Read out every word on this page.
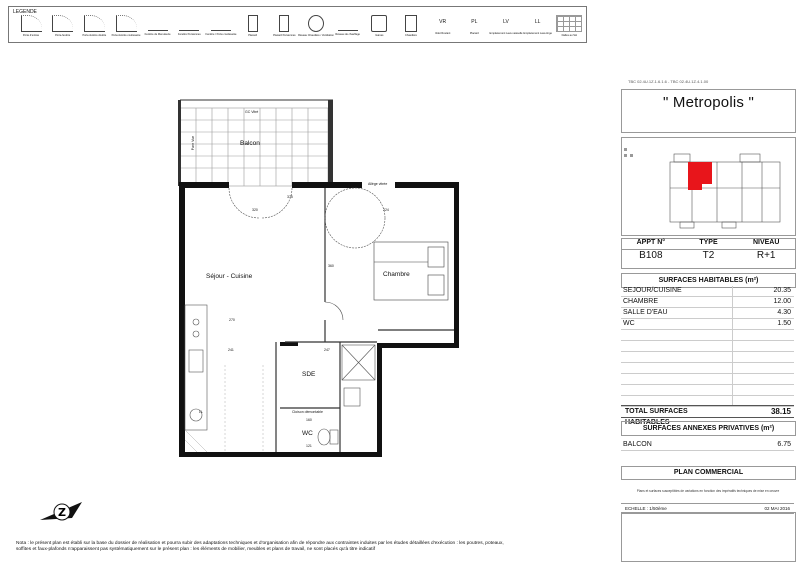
LEGENDE
Porte d'entrée	Porte-fenêtre	Porte-fenêtre double	Porte-fenêtre coulissante	Fenêtre de Menuiserie	Fenêtre Persiennes	Fenêtre / Porte coulissante	Placard	Placard Persiennes Réseau Chaudière / Ventilation Réseau de chauffage	Gaines	Chaudière
VR
Volet Roulant
PL
Placard
LV
Emplacement Lave-vaisselle
LL
Emplacement Lave-linge
Dalles au Sol
Z
Balcon
Séjour - Cuisine	Chambre
SDE
WC
Allège vitrée
Cloison démontable
GC Vitré
Pare Vue
LL
320
375
224
360
270
241	247
160
121
TBC 02.4U.1Z.1.6.1.6 - TBC 02.4U.1Z.4.1.00
" Metropolis "
APPT N°	TYPE	NIVEAU
B108	T2	R+1
SURFACES HABITABLES (m²)
SEJOUR/CUISINE	20.35
CHAMBRE	12.00
SALLE D'EAU	4.30
WC	1.50
TOTAL SURFACES HABITABLES
38.15
SURFACES ANNEXES PRIVATIVES (m²)
BALCON	6.75
PLAN COMMERCIAL
Plans et surfaces susceptibles de variations en fonction des impératifs techniques de mise en oeuvre
ECHELLE : 1/50ème	02 MAI 2016
Nota : le présent plan est établi sur la base du dossier de réalisation et pourra subir des adaptations techniques et d'organisation afin de répondre aux contraintes induites par les études détaillées d'exécution : les poutres, poteaux, soffites et faux-plafonds n'apparaissent pas systématiquement sur le présent plan : les éléments de mobilier, meubles et plans de travail, ne sont placés qu'à titre indicatif
